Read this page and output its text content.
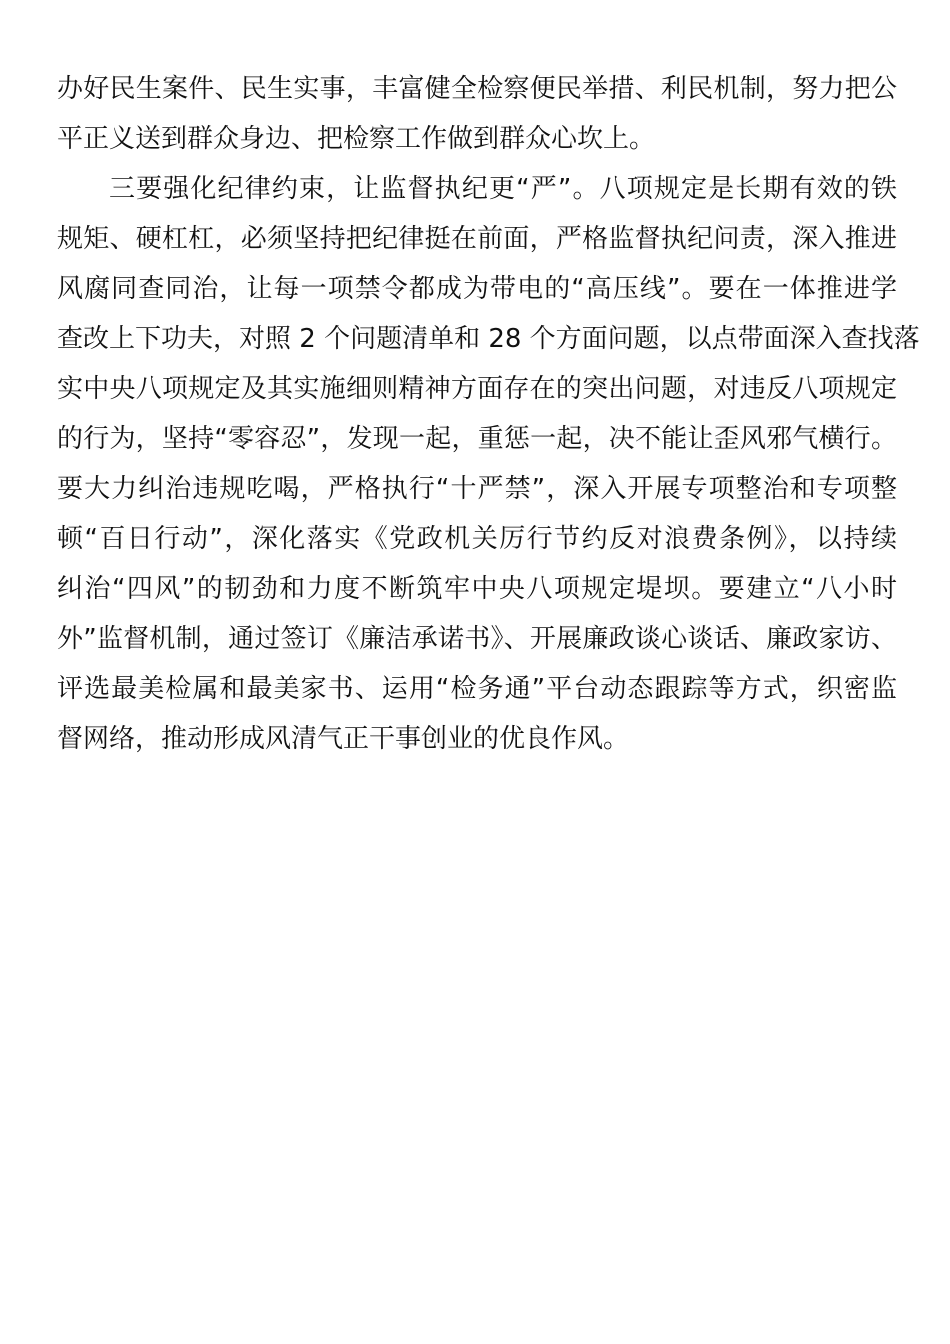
办好民生案件、民生实事，丰富健全检察便民举措、利民机制，努力把公
平正义送到群众身边、把检察工作做到群众心坎上。
三要强化纪律约束，让监督执纪更“严”。八项规定是长期有效的铁
规矩、硬杠杠，必须坚持把纪律挺在前面，严格监督执纪问责，深入推进
风腐同查同治，让每一项禁令都成为带电的“高压线”。要在一体推进学
查改上下功夫，对照 2 个问题清单和 28 个方面问题，以点带面深入查找落
实中央八项规定及其实施细则精神方面存在的突出问题，对违反八项规定
的行为，坚持“零容忍”，发现一起，重惩一起，决不能让歪风邪气横行。
要大力纠治违规吃喝，严格执行“十严禁”，深入开展专项整治和专项整
顿“百日行动”，深化落实《党政机关厉行节约反对浪费条例》，以持续
纠治“四风”的韧劲和力度不断筑牢中央八项规定堤坝。要建立“八小时
外”监督机制，通过签订《廉洁承诺书》、开展廉政谈心谈话、廉政家访、
评选最美检属和最美家书、运用“检务通”平台动态跟踪等方式，织密监
督网络，推动形成风清气正干事创业的优良作风。
